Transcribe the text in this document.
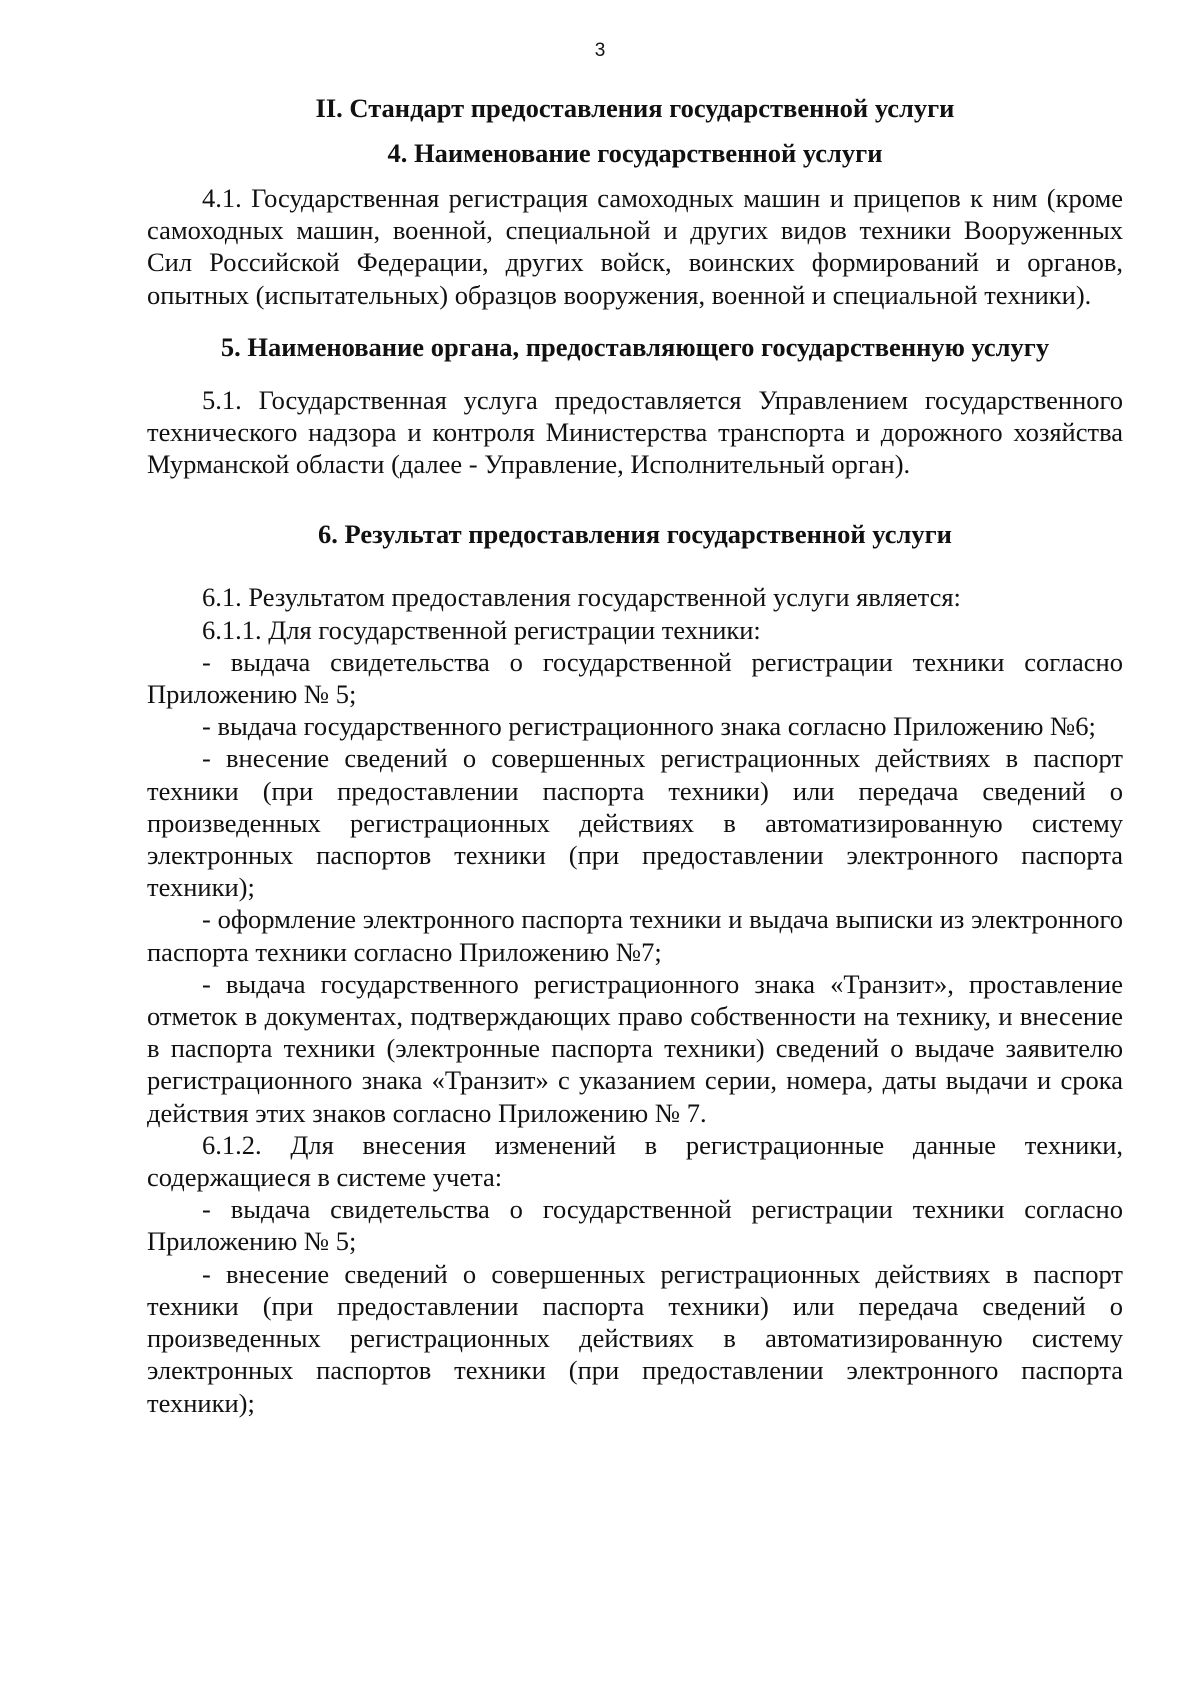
3
II. Стандарт предоставления государственной услуги
4. Наименование государственной услуги

4.1. Государственная регистрация самоходных машин и прицепов к ним (кроме самоходных машин, военной, специальной и других видов техники Вооруженных Сил Российской Федерации, других войск, воинских формирований и органов, опытных (испытательных) образцов вооружения, военной и специальной техники).

5. Наименование органа, предоставляющего государственную услугу

5.1. Государственная услуга предоставляется Управлением государственного технического надзора и контроля Министерства транспорта и дорожного хозяйства Мурманской области (далее - Управление, Исполнительный орган).

6. Результат предоставления государственной услуги

6.1. Результатом предоставления государственной услуги является:

6.1.1. Для государственной регистрации техники:

- выдача свидетельства о государственной регистрации техники согласно Приложению № 5;

- выдача государственного регистрационного знака согласно Приложению №6;

- внесение сведений о совершенных регистрационных действиях в паспорт техники (при предоставлении паспорта техники) или передача сведений о произведенных регистрационных действиях в автоматизированную систему электронных паспортов техники (при предоставлении электронного паспорта техники);

- оформление электронного паспорта техники и выдача выписки из электронного паспорта техники согласно Приложению №7;

- выдача государственного регистрационного знака «Транзит», проставление отметок в документах, подтверждающих право собственности на технику, и внесение в паспорта техники (электронные паспорта техники) сведений о выдаче заявителю регистрационного знака «Транзит» с указанием серии, номера, даты выдачи и срока действия этих знаков согласно Приложению № 7.

6.1.2. Для внесения изменений в регистрационные данные техники, содержащиеся в системе учета:

- выдача свидетельства о государственной регистрации техники согласно Приложению № 5;

- внесение сведений о совершенных регистрационных действиях в паспорт техники (при предоставлении паспорта техники) или передача сведений о произведенных регистрационных действиях в автоматизированную систему электронных паспортов техники (при предоставлении электронного паспорта техники);
